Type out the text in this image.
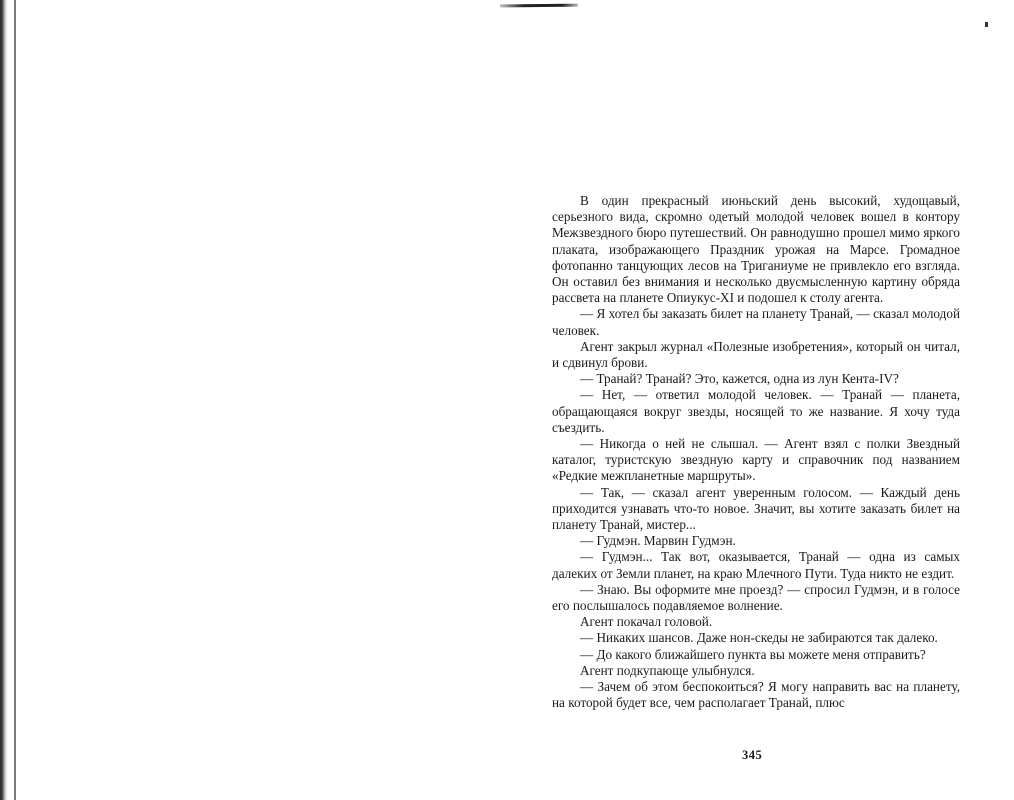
В один прекрасный июньский день высокий, худощавый, серьезного вида, скромно одетый молодой человек вошел в контору Межзвездного бюро путешествий. Он равнодушно прошел мимо яркого плаката, изображающего Праздник урожая на Марсе. Громадное фотопанно танцующих лесов на Триганиуме не привлекло его взгляда. Он оставил без внимания и несколько двусмысленную картину обряда рассвета на планете Опиукус-XI и подошел к столу агента.

— Я хотел бы заказать билет на планету Транай, — сказал молодой человек.

Агент закрыл журнал «Полезные изобретения», который он читал, и сдвинул брови.

— Транай? Транай? Это, кажется, одна из лун Кента-IV?

— Нет, — ответил молодой человек. — Транай — планета, обращающаяся вокруг звезды, носящей то же название. Я хочу туда съездить.

— Никогда о ней не слышал. — Агент взял с полки Звездный каталог, туристскую звездную карту и справочник под названием «Редкие межпланетные маршруты».

— Так, — сказал агент уверенным голосом. — Каждый день приходится узнавать что-то новое. Значит, вы хотите заказать билет на планету Транай, мистер...

— Гудмэн. Марвин Гудмэн.

— Гудмэн... Так вот, оказывается, Транай — одна из самых далеких от Земли планет, на краю Млечного Пути. Туда никто не ездит.

— Знаю. Вы оформите мне проезд? — спросил Гудмэн, и в голосе его послышалось подавляемое волнение.

Агент покачал головой.

— Никаких шансов. Даже нон-скеды не забираются так далеко.

— До какого ближайшего пункта вы можете меня отправить?

Агент подкупающе улыбнулся.

— Зачем об этом беспокоиться? Я могу направить вас на планету, на которой будет все, чем располагает Транай, плюс

345
